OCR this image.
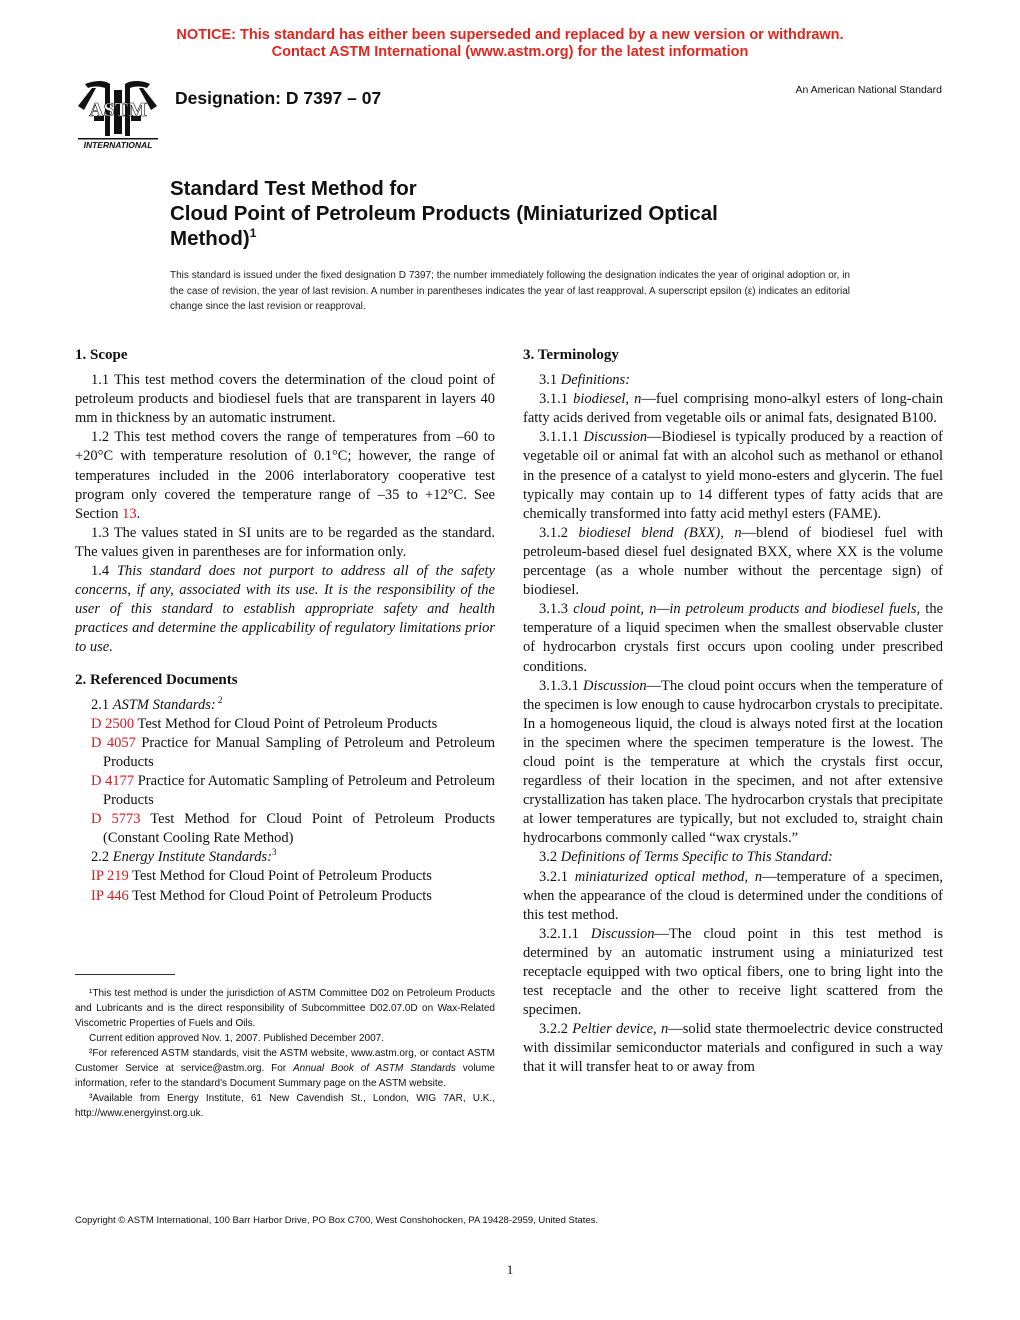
NOTICE: This standard has either been superseded and replaced by a new version or withdrawn.
Contact ASTM International (www.astm.org) for the latest information
ASTM
INTERNATIONAL
Designation: D 7397 – 07	An American National Standard
Standard Test Method for
Cloud Point of Petroleum Products (Miniaturized Optical
Method)$^1$
This standard is issued under the fixed designation D 7397; the number immediately following the designation indicates the year of original adoption or, in the case of revision, the year of last revision. A number in parentheses indicates the year of last reapproval. A superscript epsilon (ε) indicates an editorial change since the last revision or reapproval.

1. Scope

1.1 This test method covers the determination of the cloud point of petroleum products and biodiesel fuels that are transparent in layers 40 mm in thickness by an automatic instrument.

1.2 This test method covers the range of temperatures from –60 to +20°C with temperature resolution of 0.1°C; however, the range of temperatures included in the 2006 interlaboratory cooperative test program only covered the temperature range of –35 to +12°C. See Section 13.

1.3 The values stated in SI units are to be regarded as the standard. The values given in parentheses are for information only.

1.4 This standard does not purport to address all of the safety concerns, if any, associated with its use. It is the responsibility of the user of this standard to establish appropriate safety and health practices and determine the applicability of regulatory limitations prior to use.

2. Referenced Documents

2.1 ASTM Standards: $^2$

D 2500 Test Method for Cloud Point of Petroleum Products

D 4057 Practice for Manual Sampling of Petroleum and Petroleum Products

D 4177 Practice for Automatic Sampling of Petroleum and Petroleum Products

D 5773 Test Method for Cloud Point of Petroleum Products (Constant Cooling Rate Method)

2.2 Energy Institute Standards:$^3$

IP 219 Test Method for Cloud Point of Petroleum Products

IP 446 Test Method for Cloud Point of Petroleum Products

¹This test method is under the jurisdiction of ASTM Committee D02 on Petroleum Products and Lubricants and is the direct responsibility of Subcommittee D02.07.0D on Wax-Related Viscometric Properties of Fuels and Oils.

Current edition approved Nov. 1, 2007. Published December 2007.

²For referenced ASTM standards, visit the ASTM website, www.astm.org, or contact ASTM Customer Service at service@astm.org. For Annual Book of ASTM Standards volume information, refer to the standard's Document Summary page on the ASTM website.

³Available from Energy Institute, 61 New Cavendish St., London, WIG 7AR, U.K., http://www.energyinst.org.uk.

3. Terminology

3.1 Definitions:

3.1.1 biodiesel, n—fuel comprising mono-alkyl esters of long-chain fatty acids derived from vegetable oils or animal fats, designated B100.

3.1.1.1 Discussion—Biodiesel is typically produced by a reaction of vegetable oil or animal fat with an alcohol such as methanol or ethanol in the presence of a catalyst to yield mono-esters and glycerin. The fuel typically may contain up to 14 different types of fatty acids that are chemically transformed into fatty acid methyl esters (FAME).

3.1.2 biodiesel blend (BXX), n—blend of biodiesel fuel with petroleum-based diesel fuel designated BXX, where XX is the volume percentage (as a whole number without the percentage sign) of biodiesel.

3.1.3 cloud point, n—in petroleum products and biodiesel fuels, the temperature of a liquid specimen when the smallest observable cluster of hydrocarbon crystals first occurs upon cooling under prescribed conditions.

3.1.3.1 Discussion—The cloud point occurs when the temperature of the specimen is low enough to cause hydrocarbon crystals to precipitate. In a homogeneous liquid, the cloud is always noted first at the location in the specimen where the specimen temperature is the lowest. The cloud point is the temperature at which the crystals first occur, regardless of their location in the specimen, and not after extensive crystallization has taken place. The hydrocarbon crystals that precipitate at lower temperatures are typically, but not excluded to, straight chain hydrocarbons commonly called “wax crystals.”

3.2 Definitions of Terms Specific to This Standard:

3.2.1 miniaturized optical method, n—temperature of a specimen, when the appearance of the cloud is determined under the conditions of this test method.

3.2.1.1 Discussion—The cloud point in this test method is determined by an automatic instrument using a miniaturized test receptacle equipped with two optical fibers, one to bring light into the test receptacle and the other to receive light scattered from the specimen.

3.2.2 Peltier device, n—solid state thermoelectric device constructed with dissimilar semiconductor materials and configured in such a way that it will transfer heat to or away from

Copyright © ASTM International, 100 Barr Harbor Drive, PO Box C700, West Conshohocken, PA 19428-2959, United States.
1
